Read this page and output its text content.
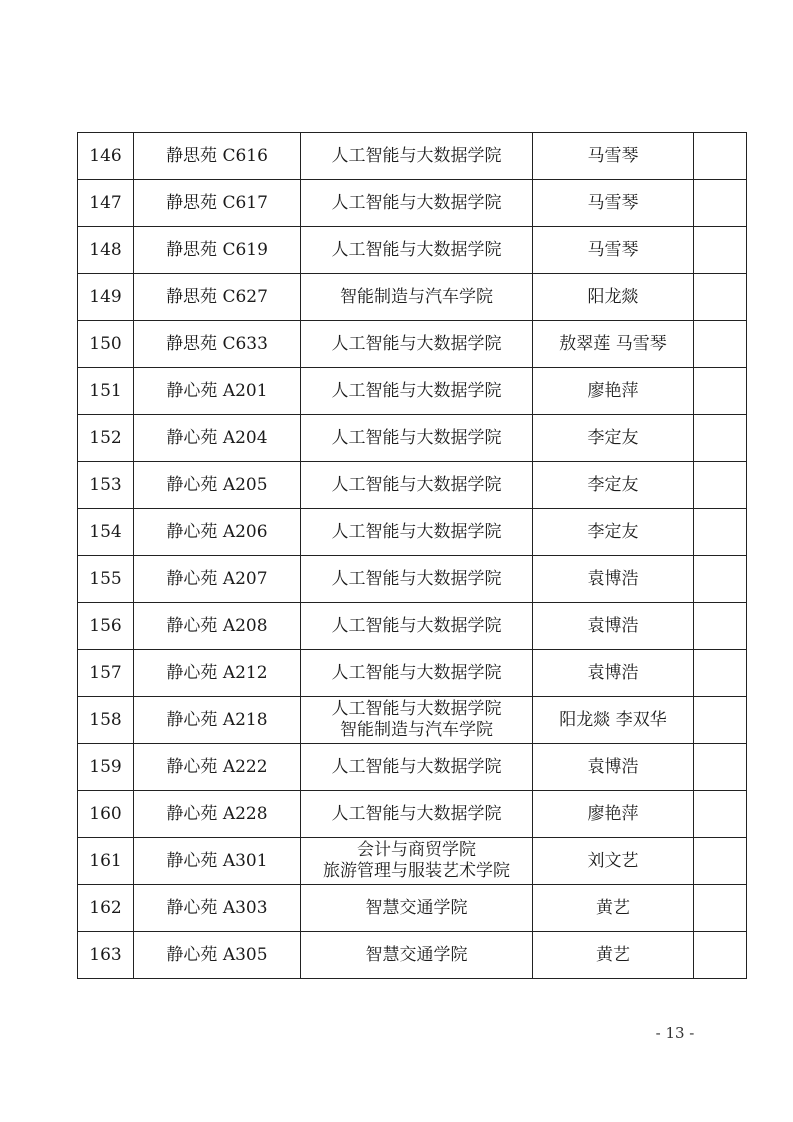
146	静思苑 C616	人工智能与大数据学院	马雪琴	
147	静思苑 C617	人工智能与大数据学院	马雪琴	
148	静思苑 C619	人工智能与大数据学院	马雪琴	
149	静思苑 C627	智能制造与汽车学院	阳龙燚	
150	静思苑 C633	人工智能与大数据学院	敖翠莲 马雪琴	
151	静心苑 A201	人工智能与大数据学院	廖艳萍	
152	静心苑 A204	人工智能与大数据学院	李定友	
153	静心苑 A205	人工智能与大数据学院	李定友	
154	静心苑 A206	人工智能与大数据学院	李定友	
155	静心苑 A207	人工智能与大数据学院	袁博浩	
156	静心苑 A208	人工智能与大数据学院	袁博浩	
157	静心苑 A212	人工智能与大数据学院	袁博浩	
158	静心苑 A218	人工智能与大数据学院
智能制造与汽车学院	阳龙燚 李双华	
159	静心苑 A222	人工智能与大数据学院	袁博浩	
160	静心苑 A228	人工智能与大数据学院	廖艳萍	
161	静心苑 A301	会计与商贸学院
旅游管理与服装艺术学院	刘文艺	
162	静心苑 A303	智慧交通学院	黄艺	
163	静心苑 A305	智慧交通学院	黄艺	
- 13 -
